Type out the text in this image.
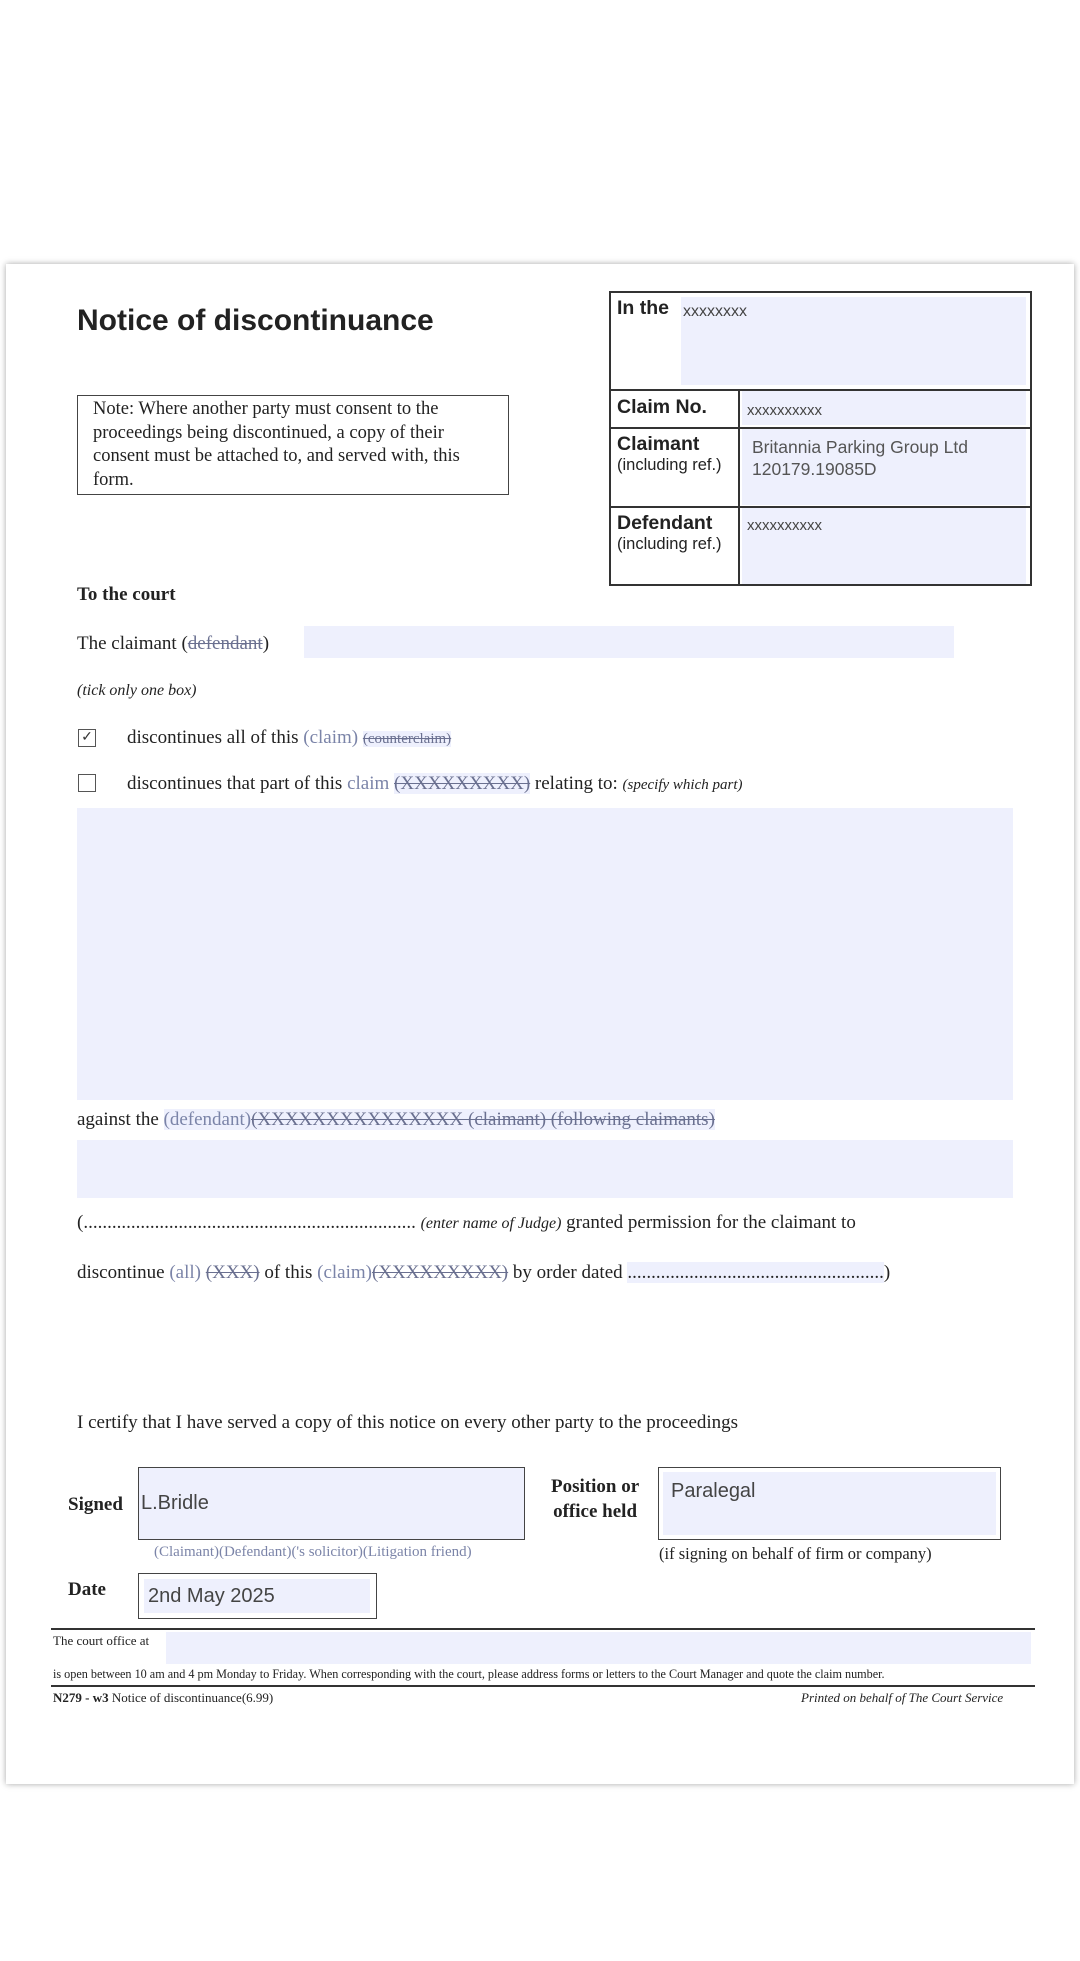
Notice of discontinuance
Note: Where another party must consent to the proceedings being discontinued, a copy of their consent must be attached to, and served with, this form.
In the xxxxxxxx
Claim No.	xxxxxxxxxx
Claimant
(including ref.)
Britannia Parking Group Ltd
120179.19085D
Defendant
(including ref.)
xxxxxxxxxx
To the court
The claimant (defendant)
(tick only one box)
✓ discontinues all of this (claim) (counterclaim)
discontinues that part of this claim (XXXXXXXXX) relating to: (specify which part)
against the (defendant)(XXXXXXXXXXXXXXX (claimant) (following claimants)
(...................................................................... (enter name of Judge) granted permission for the claimant to
discontinue (all) (XXX) of this (claim)(XXXXXXXXX) by order dated ......................................................)
I certify that I have served a copy of this notice on every other party to the proceedings
Signed L.Bridle
(Claimant)(Defendant)('s solicitor)(Litigation friend)
Position or
office held
Paralegal
(if signing on behalf of firm or company)
Date 2nd May 2025
The court office at
is open between 10 am and 4 pm Monday to Friday. When corresponding with the court, please address forms or letters to the Court Manager and quote the claim number.
N279 - w3 Notice of discontinuance(6.99)	Printed on behalf of The Court Service
